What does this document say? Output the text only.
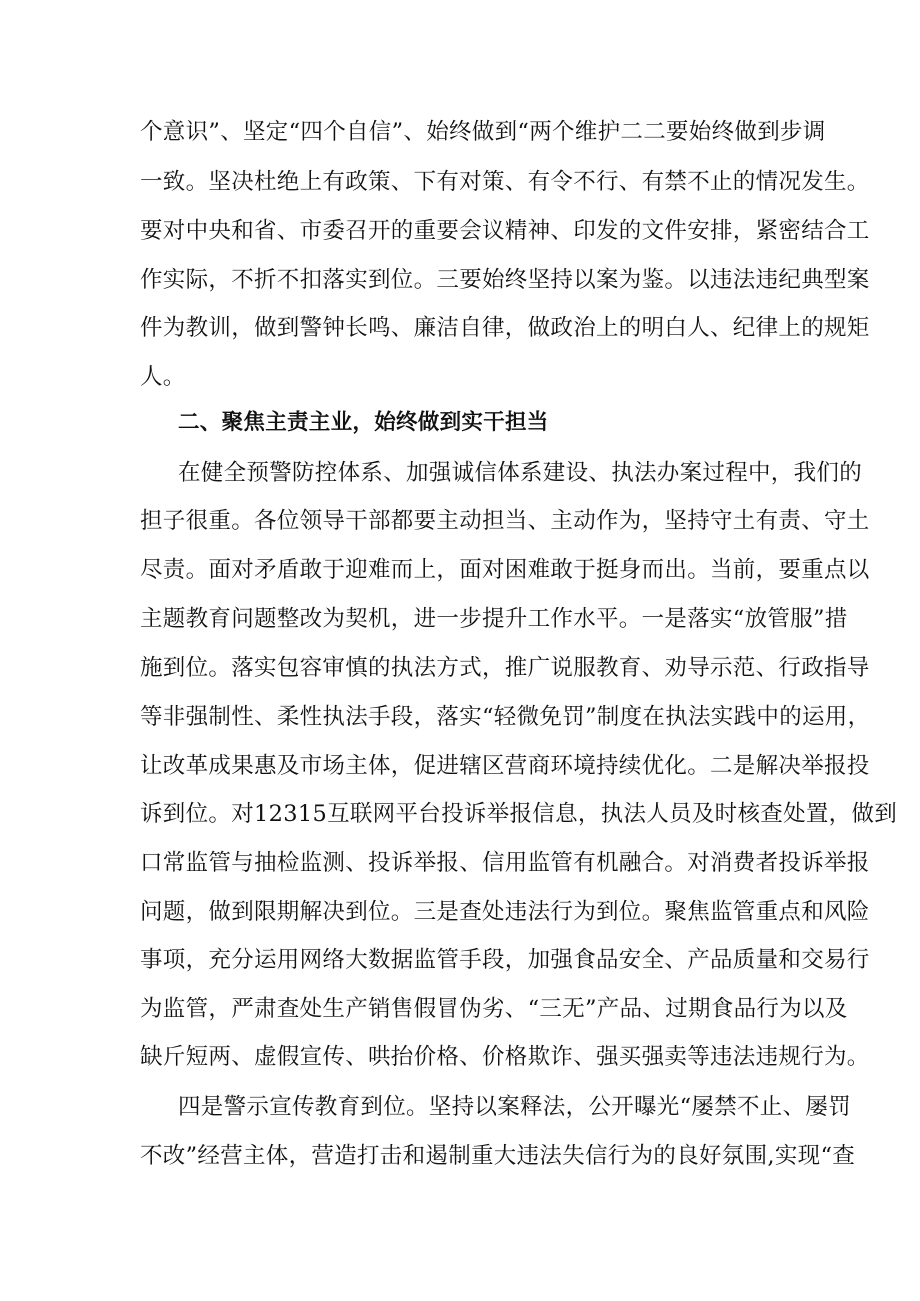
个意识”、坚定“四个自信”、始终做到“两个维护二二要始终做到步调
一致。坚决杜绝上有政策、下有对策、有令不行、有禁不止的情况发生。
要对中央和省、市委召开的重要会议精神、印发的文件安排，紧密结合工
作实际，不折不扣落实到位。三要始终坚持以案为鉴。以违法违纪典型案
件为教训，做到警钟长鸣、廉洁自律，做政治上的明白人、纪律上的规矩
人。
二、聚焦主责主业，始终做到实干担当
在健全预警防控体系、加强诚信体系建设、执法办案过程中，我们的
担子很重。各位领导干部都要主动担当、主动作为，坚持守土有责、守土
尽责。面对矛盾敢于迎难而上，面对困难敢于挺身而出。当前，要重点以
主题教育问题整改为契机，进一步提升工作水平。一是落实“放管服”措
施到位。落实包容审慎的执法方式，推广说服教育、劝导示范、行政指导
等非强制性、柔性执法手段，落实“轻微免罚”制度在执法实践中的运用，
让改革成果惠及市场主体，促进辖区营商环境持续优化。二是解决举报投
诉到位。对12315互联网平台投诉举报信息，执法人员及时核查处置，做到
口常监管与抽检监测、投诉举报、信用监管有机融合。对消费者投诉举报
问题，做到限期解决到位。三是查处违法行为到位。聚焦监管重点和风险
事项，充分运用网络大数据监管手段，加强食品安全、产品质量和交易行
为监管，严肃查处生产销售假冒伪劣、“三无”产品、过期食品行为以及
缺斤短两、虚假宣传、哄抬价格、价格欺诈、强买强卖等违法违规行为。
四是警示宣传教育到位。坚持以案释法，公开曝光“屡禁不止、屡罚
不改”经营主体，营造打击和遏制重大违法失信行为的良好氛围,实现“查
